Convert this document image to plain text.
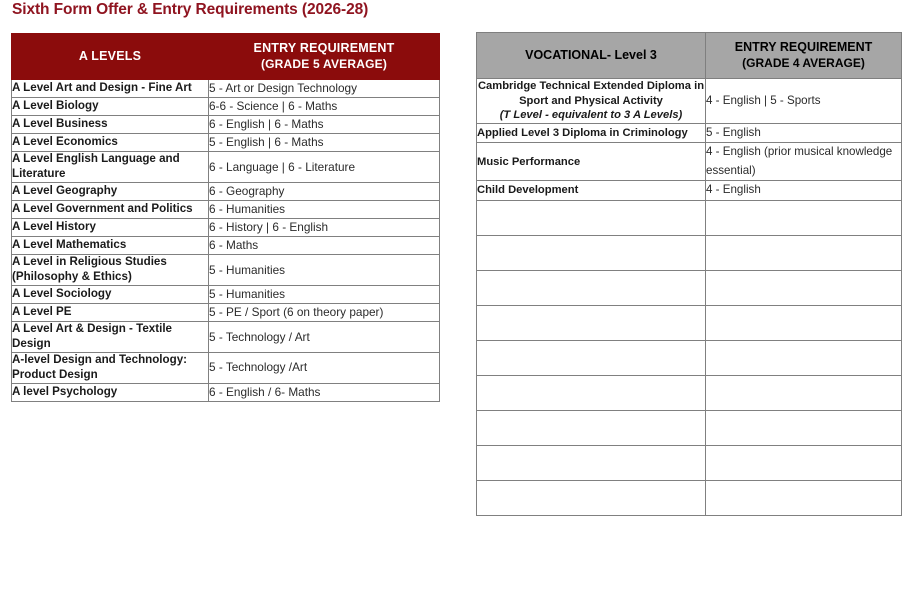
Sixth Form Offer & Entry Requirements (2026-28)
A LEVELS	ENTRY REQUIREMENT
(GRADE 5 AVERAGE)

A Level Art and Design - Fine Art	5 - Art or Design Technology
A Level Biology	6-6 - Science | 6 - Maths
A Level Business	6 - English | 6 - Maths
A Level Economics	5 - English | 6 - Maths
A Level English Language and Literature	6 - Language | 6 - Literature
A Level Geography	6 - Geography
A Level Government and Politics	6 - Humanities
A Level History	6 - History | 6 - English
A Level Mathematics	6 - Maths
A Level in Religious Studies (Philosophy & Ethics)	5 - Humanities
A Level Sociology	5 - Humanities
A Level PE	5 - PE / Sport (6 on theory paper)
A Level Art & Design - Textile Design	5 - Technology / Art
A-level Design and Technology: Product Design	5 - Technology /Art
A level Psychology	6 - English / 6- Maths
VOCATIONAL- Level 3	ENTRY REQUIREMENT
(GRADE 4 AVERAGE)

Cambridge Technical Extended Diploma in Sport and Physical Activity
(T Level - equivalent to 3 A Levels)	4 - English | 5 - Sports
Applied Level 3 Diploma in Criminology	5 - English
Music Performance	4 - English (prior musical knowledge essential)
Child Development	4 - English
